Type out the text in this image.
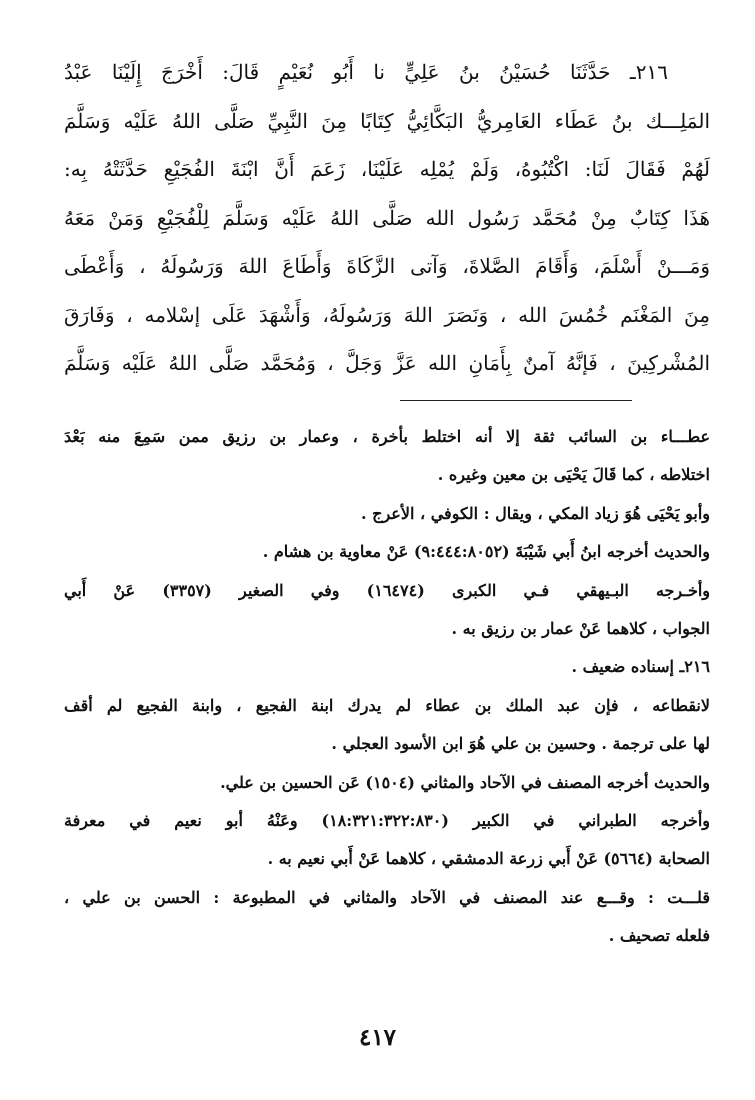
٢١٦ـ حَدَّثَنَا حُسَيْنُ بنُ عَلِيٍّ نا أَبُو نُعَيْمٍ قَالَ: أَخْرَجَ إِلَيْنَا عَبْدُ
المَلِـــك بنُ عَطَاء العَامِريُّ البَكَّائِيُّ كِتَابًا مِنَ النَّبِيِّ صَلَّى اللهُ عَلَيْه وَسَلَّمَ
لَهُمْ فَقَالَ لَنَا: اكْتُبُوهُ، وَلَمْ يُمْلِه عَلَيْنَا، زَعَمَ أَنَّ ابْنَةَ الفُجَيْعِ حَدَّثَتْهُ بِه:
هَذَا كِتَابٌ مِنْ مُحَمَّد رَسُول الله صَلَّى اللهُ عَلَيْه وَسَلَّمَ لِلْفُجَيْعِ وَمَنْ مَعَهُ
وَمَـــنْ أَسْلَمَ، وَأَقَامَ الصَّلاةَ، وَآتى الزَّكَاةَ وَأَطَاعَ اللهَ وَرَسُولَهُ ، وَأَعْطَى
مِنَ المَغْنَم خُمُسَ الله ، وَنَصَرَ اللهَ وَرَسُولَهُ، وَأَشْهَدَ عَلَى إسْلامه ، وَفَارَقَ
المُشْركِينَ ، فَإنَّهُ آمنٌ بِأَمَانِ الله عَزَّ وَجَلَّ ، وَمُحَمَّد صَلَّى اللهُ عَلَيْه وَسَلَّمَ
عطـــاء بن السائب ثقة إلا أنه اختلط بأخرة ، وعمار بن رزيق ممن سَمِعَ منه بَعْدَ
اختلاطه ، كما قَالَ يَحْيَى بن معين وغيره .
وأبو يَحْيَى هُوَ زياد المكي ، ويقال : الكوفي ، الأعرج .
والحديث أخرجه ابنُ أَبي شَيْبَةَ (٩:٤٤٤:٨٠٥٢) عَنْ معاوية بن هشام .
وأخـرجه البـيهقي فـي الكبرى (١٦٤٧٤) وفي الصغير (٣٣٥٧) عَنْ أَبي
الجواب ، كلاهما عَنْ عمار بن رزيق به .
٢١٦ـ إسناده ضعيف .
لانقطاعه ، فإن عبد الملك بن عطاء لم يدرك ابنة الفجيع ، وابنة الفجيع لم أقف
لها على ترجمة . وحسين بن علي هُوَ ابن الأسود العجلي .
والحديث أخرجه المصنف في الآحاد والمثاني (١٥٠٤) عَن الحسين بن علي.
وأخرجه الطبراني في الكبير (١٨:٣٢١:٣٢٢:٨٣٠) وعَنْهُ أبو نعيم في معرفة
الصحابة (٥٦٦٤) عَنْ أَبي زرعة الدمشقي ، كلاهما عَنْ أَبي نعيم به .
قلـــت : وقـــع عند المصنف في الآحاد والمثاني في المطبوعة : الحسن بن علي ،
فلعله تصحيف .
٤١٧
